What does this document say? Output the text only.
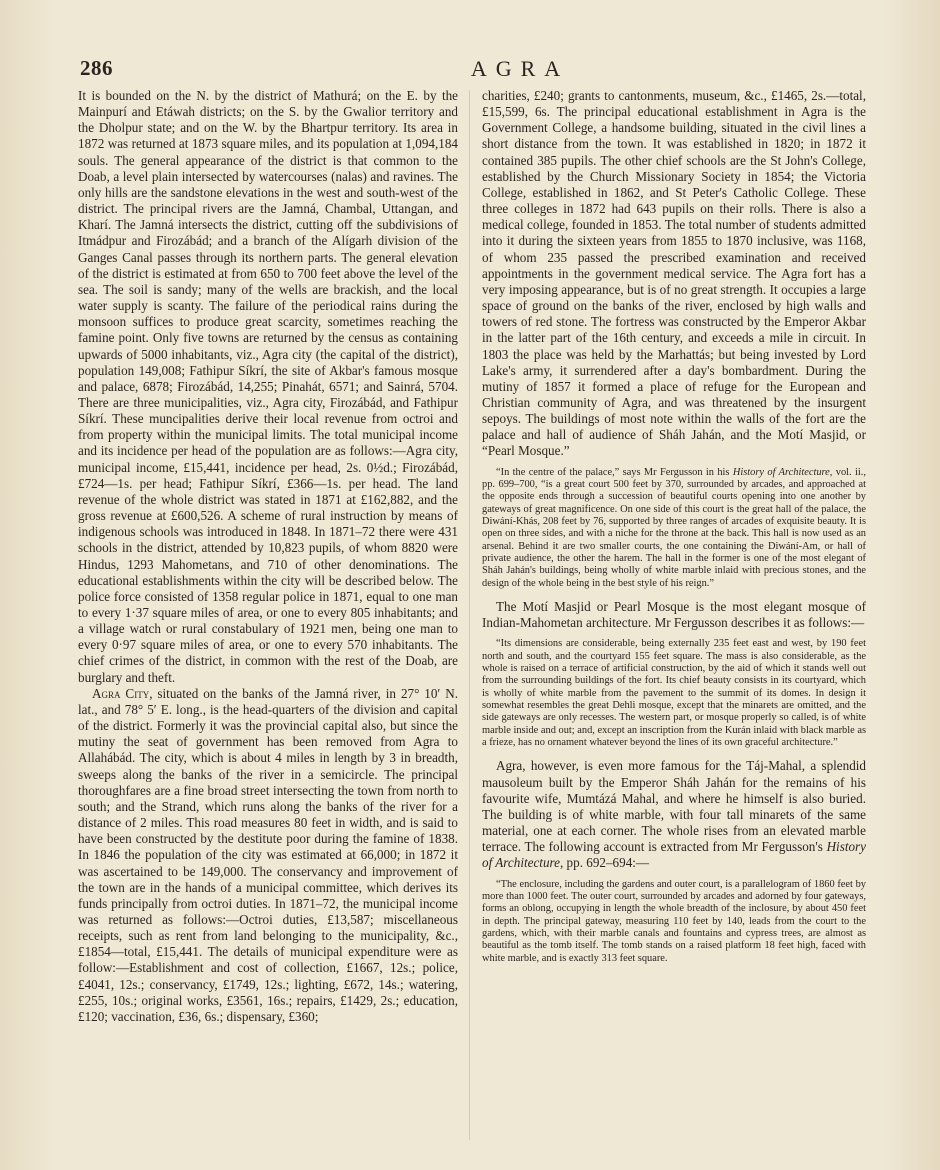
286	AGRA

It is bounded on the N. by the district of Mathurá; on the E. by the Mainpurí and Etáwah districts; on the S. by the Gwalior territory and the Dholpur state; and on the W. by the Bhartpur territory. Its area in 1872 was returned at 1873 square miles, and its population at 1,094,184 souls. The general appearance of the district is that common to the Doab, a level plain intersected by watercourses (nalas) and ravines. The only hills are the sandstone elevations in the west and south-west of the district. The principal rivers are the Jamná, Chambal, Uttangan, and Kharí. The Jamná intersects the district, cutting off the subdivisions of Itmádpur and Firozábád; and a branch of the Alígarh division of the Ganges Canal passes through its northern parts. The general elevation of the district is estimated at from 650 to 700 feet above the level of the sea. The soil is sandy; many of the wells are brackish, and the local water supply is scanty. The failure of the periodical rains during the monsoon suffices to produce great scarcity, sometimes reaching the famine point. Only five towns are returned by the census as containing upwards of 5000 inhabitants, viz., Agra city (the capital of the district), population 149,008; Fathipur Síkrí, the site of Akbar's famous mosque and palace, 6878; Firozábád, 14,255; Pinahát, 6571; and Sainrá, 5704. There are three municipalities, viz., Agra city, Firozábád, and Fathipur Síkrí. These muncipalities derive their local revenue from octroi and from property within the municipal limits. The total municipal income and its incidence per head of the population are as follows:—Agra city, municipal income, £15,441, incidence per head, 2s. 0½d.; Firozábád, £724—1s. per head; Fathipur Síkrí, £366—1s. per head. The land revenue of the whole district was stated in 1871 at £162,882, and the gross revenue at £600,526. A scheme of rural instruction by means of indigenous schools was introduced in 1848. In 1871–72 there were 431 schools in the district, attended by 10,823 pupils, of whom 8820 were Hindus, 1293 Mahometans, and 710 of other denominations. The educational establishments within the city will be described below. The police force consisted of 1358 regular police in 1871, equal to one man to every 1·37 square miles of area, or one to every 805 inhabitants; and a village watch or rural constabulary of 1921 men, being one man to every 0·97 square miles of area, or one to every 570 inhabitants. The chief crimes of the district, in common with the rest of the Doab, are burglary and theft.

Agra City, situated on the banks of the Jamná river, in 27° 10′ N. lat., and 78° 5′ E. long., is the head-quarters of the division and capital of the district. Formerly it was the provincial capital also, but since the mutiny the seat of government has been removed from Agra to Allahábád. The city, which is about 4 miles in length by 3 in breadth, sweeps along the banks of the river in a semicircle. The principal thoroughfares are a fine broad street intersecting the town from north to south; and the Strand, which runs along the banks of the river for a distance of 2 miles. This road measures 80 feet in width, and is said to have been constructed by the destitute poor during the famine of 1838. In 1846 the population of the city was estimated at 66,000; in 1872 it was ascertained to be 149,000. The conservancy and improvement of the town are in the hands of a municipal committee, which derives its funds principally from octroi duties. In 1871–72, the municipal income was returned as follows:—Octroi duties, £13,587; miscellaneous receipts, such as rent from land belonging to the municipality, &c., £1854—total, £15,441. The details of municipal expenditure were as follow:—Establishment and cost of collection, £1667, 12s.; police, £4041, 12s.; conservancy, £1749, 12s.; lighting, £672, 14s.; watering, £255, 10s.; original works, £3561, 16s.; repairs, £1429, 2s.; education, £120; vaccination, £36, 6s.; dispensary, £360;

charities, £240; grants to cantonments, museum, &c., £1465, 2s.—total, £15,599, 6s. The principal educational establishment in Agra is the Government College, a handsome building, situated in the civil lines a short distance from the town. It was established in 1820; in 1872 it contained 385 pupils. The other chief schools are the St John's College, established by the Church Missionary Society in 1854; the Victoria College, established in 1862, and St Peter's Catholic College. These three colleges in 1872 had 643 pupils on their rolls. There is also a medical college, founded in 1853. The total number of students admitted into it during the sixteen years from 1855 to 1870 inclusive, was 1168, of whom 235 passed the prescribed examination and received appointments in the government medical service. The Agra fort has a very imposing appearance, but is of no great strength. It occupies a large space of ground on the banks of the river, enclosed by high walls and towers of red stone. The fortress was constructed by the Emperor Akbar in the latter part of the 16th century, and exceeds a mile in circuit. In 1803 the place was held by the Marhattás; but being invested by Lord Lake's army, it surrendered after a day's bombardment. During the mutiny of 1857 it formed a place of refuge for the European and Christian community of Agra, and was threatened by the insurgent sepoys. The buildings of most note within the walls of the fort are the palace and hall of audience of Sháh Jahán, and the Motí Masjid, or “Pearl Mosque.”

“In the centre of the palace,” says Mr Fergusson in his History of Architecture, vol. ii., pp. 699–700, “is a great court 500 feet by 370, surrounded by arcades, and approached at the opposite ends through a succession of beautiful courts opening into one another by gateways of great magnificence. On one side of this court is the great hall of the palace, the Diwání-Khás, 208 feet by 76, supported by three ranges of arcades of exquisite beauty. It is open on three sides, and with a niche for the throne at the back. This hall is now used as an arsenal. Behind it are two smaller courts, the one containing the Diwání-Am, or hall of private audience, the other the harem. The hall in the former is one of the most elegant of Sháh Jahán's buildings, being wholly of white marble inlaid with precious stones, and the design of the whole being in the best style of his reign.”

The Motí Masjid or Pearl Mosque is the most elegant mosque of Indian-Mahometan architecture. Mr Fergusson describes it as follows:—

“Its dimensions are considerable, being externally 235 feet east and west, by 190 feet north and south, and the courtyard 155 feet square. The mass is also considerable, as the whole is raised on a terrace of artificial construction, by the aid of which it stands well out from the surrounding buildings of the fort. Its chief beauty consists in its courtyard, which is wholly of white marble from the pavement to the summit of its domes. In design it somewhat resembles the great Dehli mosque, except that the minarets are omitted, and the side gateways are only recesses. The western part, or mosque properly so called, is of white marble inside and out; and, except an inscription from the Kurán inlaid with black marble as a frieze, has no ornament whatever beyond the lines of its own graceful architecture.”

Agra, however, is even more famous for the Táj-Mahal, a splendid mausoleum built by the Emperor Sháh Jahán for the remains of his favourite wife, Mumtázá Mahal, and where he himself is also buried. The building is of white marble, with four tall minarets of the same material, one at each corner. The whole rises from an elevated marble terrace. The following account is extracted from Mr Fergusson's History of Architecture, pp. 692–694:—

“The enclosure, including the gardens and outer court, is a parallelogram of 1860 feet by more than 1000 feet. The outer court, surrounded by arcades and adorned by four gateways, forms an oblong, occupying in length the whole breadth of the inclosure, by about 450 feet in depth. The principal gateway, measuring 110 feet by 140, leads from the court to the gardens, which, with their marble canals and fountains and cypress trees, are almost as beautiful as the tomb itself. The tomb stands on a raised platform 18 feet high, faced with white marble, and is exactly 313 feet square.
